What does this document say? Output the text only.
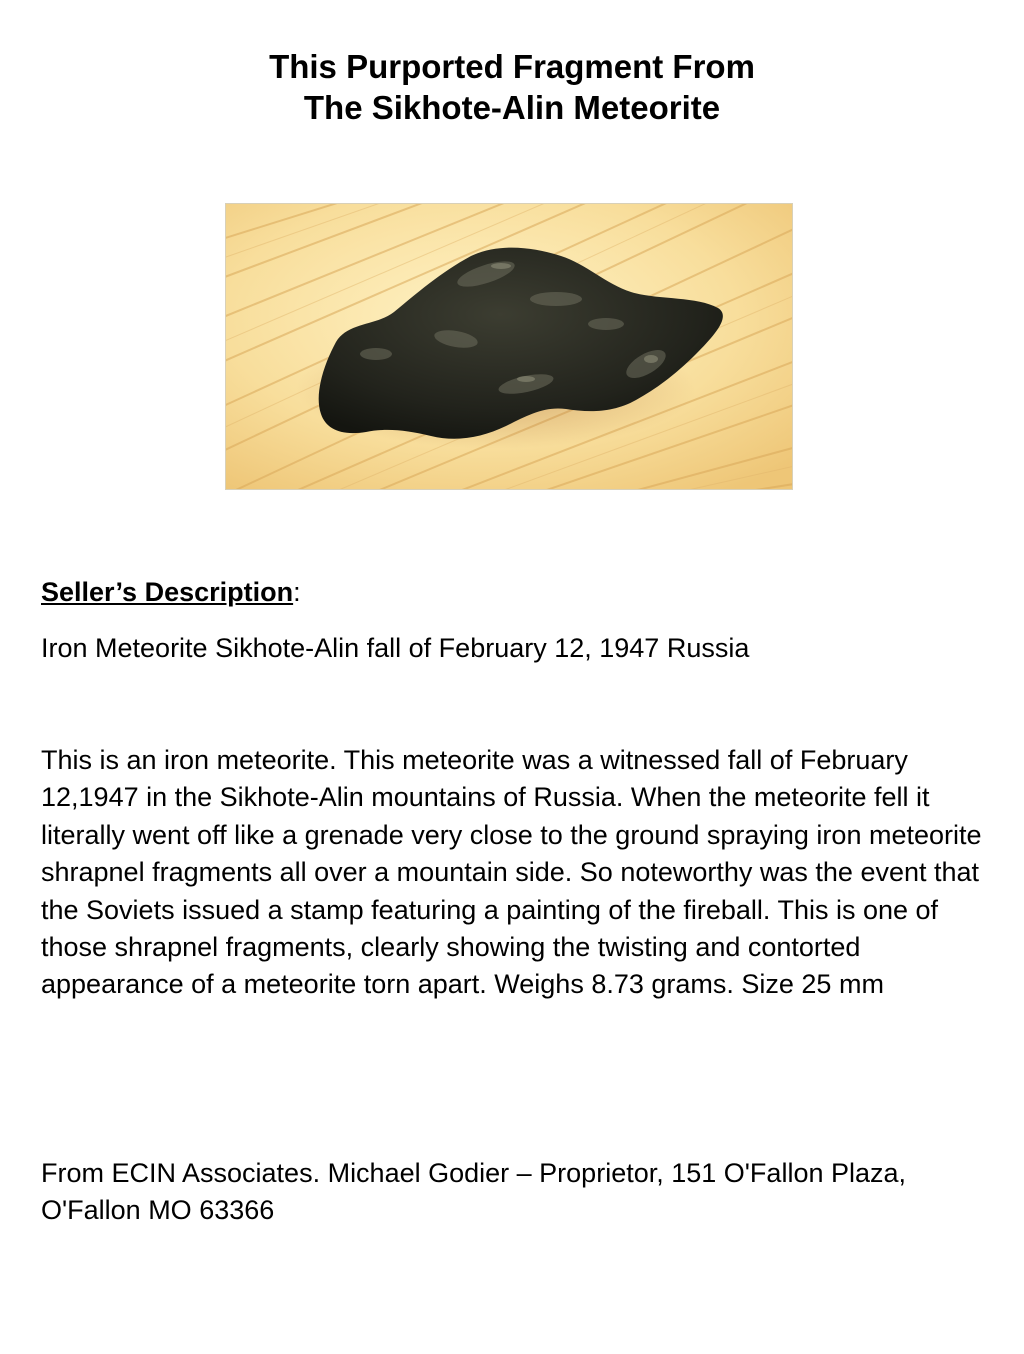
This Purported Fragment From
The Sikhote-Alin Meteorite

Seller’s Description:

Iron Meteorite Sikhote-Alin fall of February 12, 1947 Russia

This is an iron meteorite. This meteorite was a witnessed fall of February 12,1947 in the Sikhote-Alin mountains of Russia. When the meteorite fell it literally went off like a grenade very close to the ground spraying iron meteorite shrapnel fragments all over a mountain side. So noteworthy was the event that the Soviets issued a stamp featuring a painting of the fireball. This is one of those shrapnel fragments, clearly showing the twisting and contorted appearance of a meteorite torn apart. Weighs 8.73 grams. Size 25 mm

From ECIN Associates. Michael Godier – Proprietor, 151 O'Fallon Plaza, O'Fallon MO 63366
